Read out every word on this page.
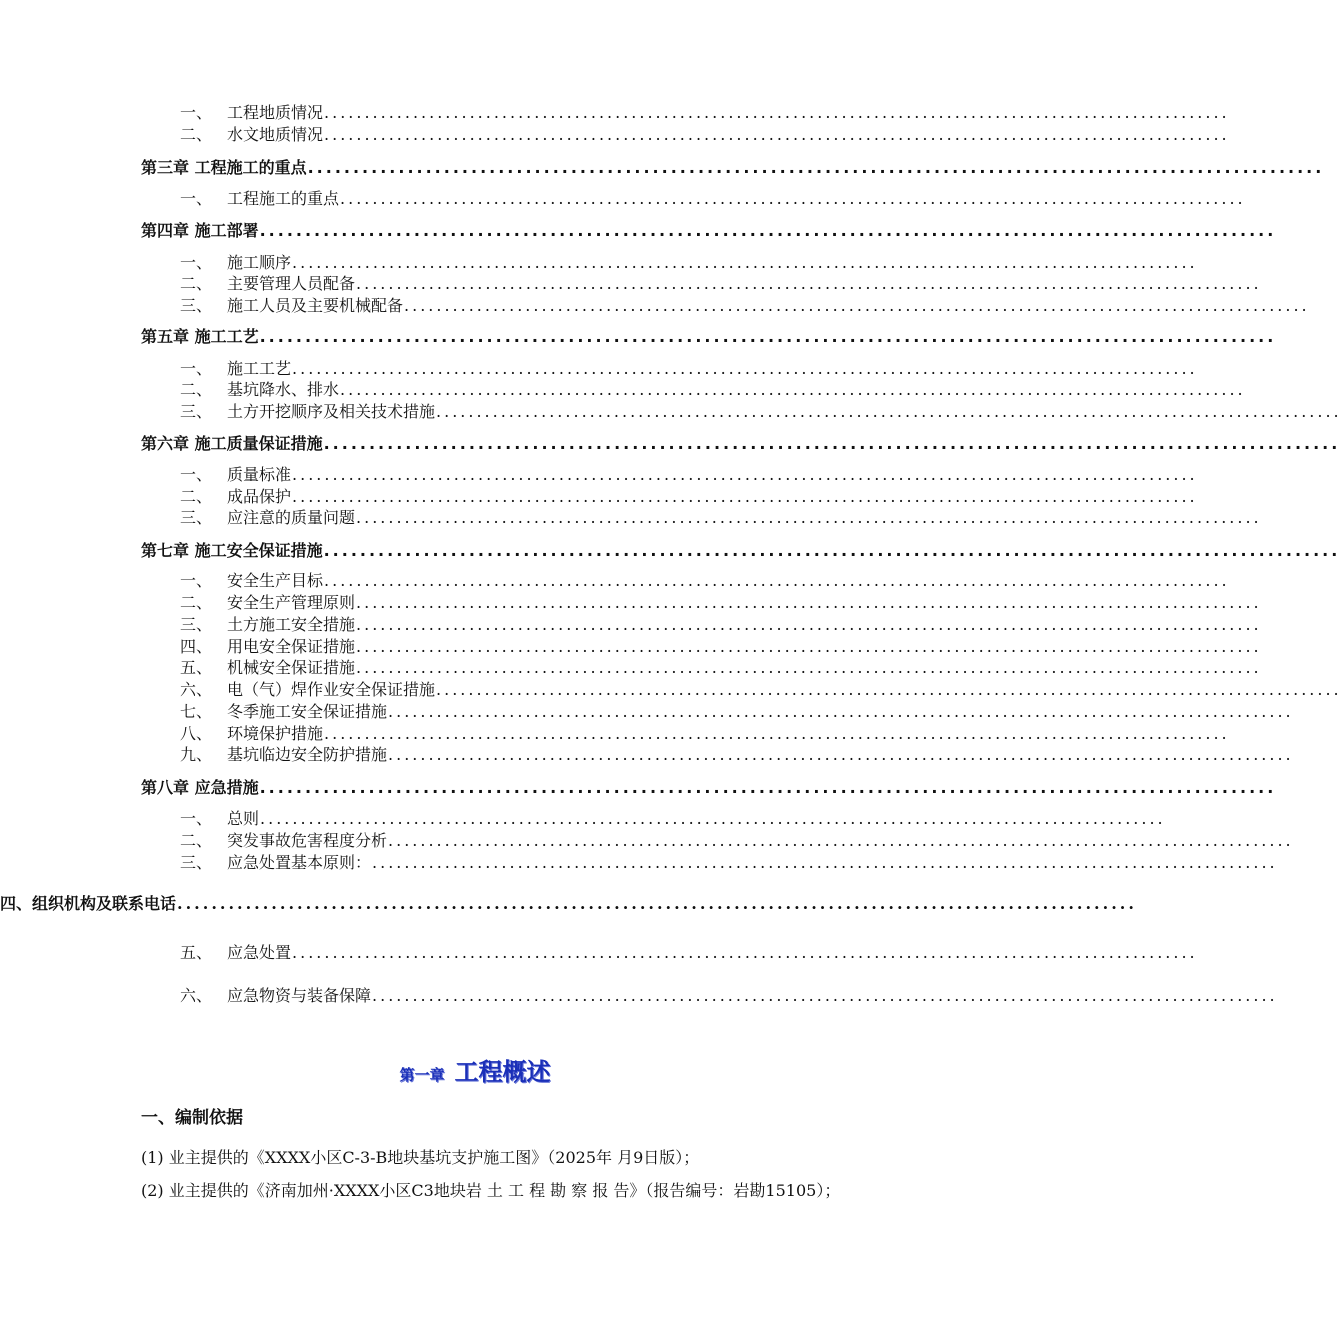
一、 工程地质情况 ................................................................................................................
二、 水文地质情况 ................................................................................................................
第三章 工程施工的重点 ................................................................................................................
一、 工程施工的重点 ................................................................................................................
第四章 施工部署 ................................................................................................................
一、 施工顺序 ................................................................................................................
二、 主要管理人员配备 ................................................................................................................
三、 施工人员及主要机械配备 ................................................................................................................
第五章 施工工艺 ................................................................................................................
一、 施工工艺 ................................................................................................................
二、 基坑降水、排水 ................................................................................................................
三、 土方开挖顺序及相关技术措施 ................................................................................................................
第六章 施工质量保证措施 ................................................................................................................
一、 质量标准 ................................................................................................................
二、 成品保护 ................................................................................................................
三、 应注意的质量问题 ................................................................................................................
第七章 施工安全保证措施 ................................................................................................................
一、 安全生产目标 ................................................................................................................
二、 安全生产管理原则 ................................................................................................................
三、 土方施工安全措施 ................................................................................................................
四、 用电安全保证措施 ................................................................................................................
五、 机械安全保证措施 ................................................................................................................
六、 电（气）焊作业安全保证措施 ................................................................................................................
七、 冬季施工安全保证措施 ................................................................................................................
八、 环境保护措施 ................................................................................................................
九、 基坑临边安全防护措施 ................................................................................................................
第八章 应急措施 ................................................................................................................
一、 总则 ................................................................................................................
二、 突发事故危害程度分析 ................................................................................................................
三、 应急处置基本原则： ................................................................................................................
四、 组织机构及联系电话 ................................................................................................................
五、 应急处置 ................................................................................................................
六、 应急物资与装备保障 ................................................................................................................
第一章 工程概述
一、编制依据
(1) 业主提供的《XXXX小区C-3-B地块基坑支护施工图》（2025年 月9日版）；
(2) 业主提供的《济南加州·XXXX小区C3地块岩 土 工 程 勘 察 报 告》（报告编号：岩勘15105）；
